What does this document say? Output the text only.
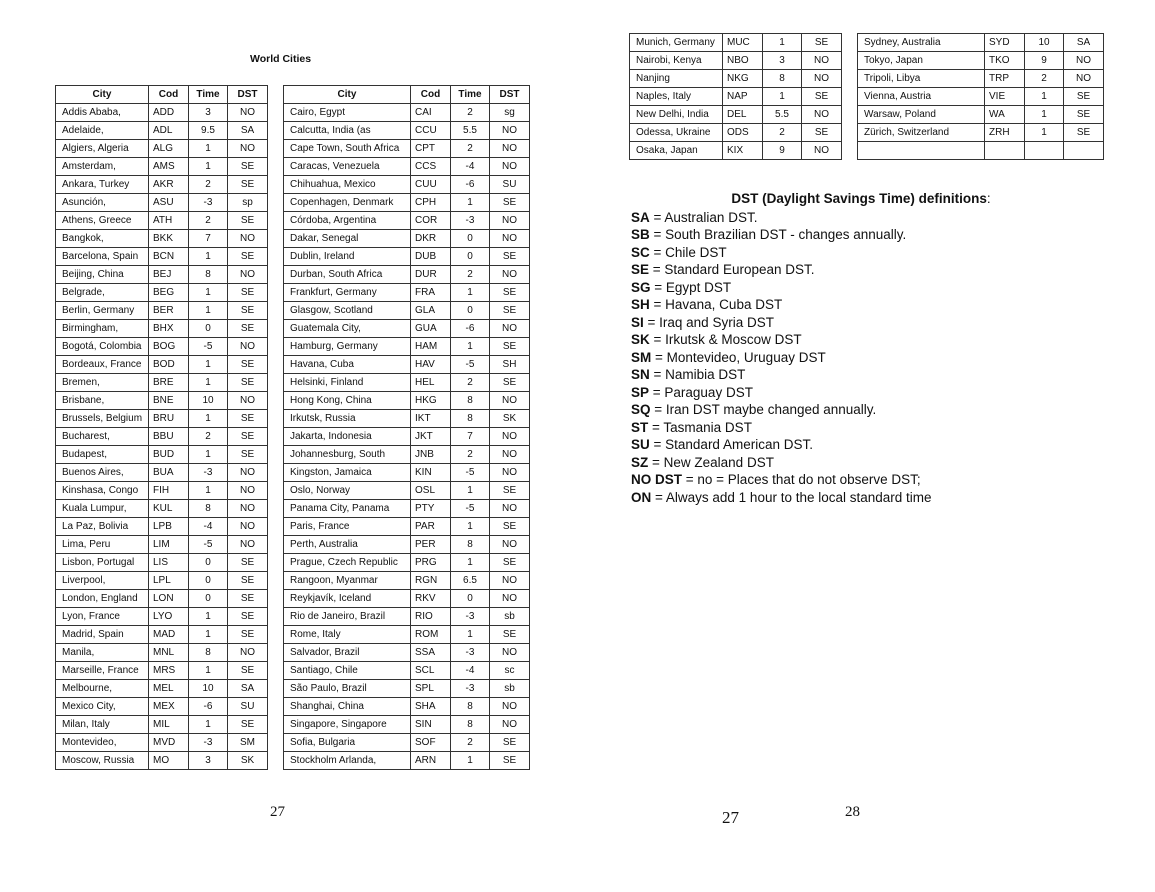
World Cities
City	Cod	Time	DST
Addis Ababa,	ADD	3	NO
Adelaide,	ADL	9.5	SA
Algiers, Algeria	ALG	1	NO
Amsterdam,	AMS	1	SE
Ankara, Turkey	AKR	2	SE
Asunción,	ASU	-3	sp
Athens, Greece	ATH	2	SE
Bangkok,	BKK	7	NO
Barcelona, Spain	BCN	1	SE
Beijing, China	BEJ	8	NO
Belgrade,	BEG	1	SE
Berlin, Germany	BER	1	SE
Birmingham,	BHX	0	SE
Bogotá, Colombia	BOG	-5	NO
Bordeaux, France	BOD	1	SE
Bremen,	BRE	1	SE
Brisbane,	BNE	10	NO
Brussels, Belgium	BRU	1	SE
Bucharest,	BBU	2	SE
Budapest,	BUD	1	SE
Buenos Aires,	BUA	-3	NO
Kinshasa, Congo	FIH	1	NO
Kuala Lumpur,	KUL	8	NO
La Paz, Bolivia	LPB	-4	NO
Lima, Peru	LIM	-5	NO
Lisbon, Portugal	LIS	0	SE
Liverpool,	LPL	0	SE
London, England	LON	0	SE
Lyon, France	LYO	1	SE
Madrid, Spain	MAD	1	SE
Manila,	MNL	8	NO
Marseille, France	MRS	1	SE
Melbourne,	MEL	10	SA
Mexico City,	MEX	-6	SU
Milan, Italy	MIL	1	SE
Montevideo,	MVD	-3	SM
Moscow, Russia	MO	3	SK
City	Cod	Time	DST
Cairo, Egypt	CAI	2	sg
Calcutta, India (as	CCU	5.5	NO
Cape Town, South Africa	CPT	2	NO
Caracas, Venezuela	CCS	-4	NO
Chihuahua, Mexico	CUU	-6	SU
Copenhagen, Denmark	CPH	1	SE
Córdoba, Argentina	COR	-3	NO
Dakar, Senegal	DKR	0	NO
Dublin, Ireland	DUB	0	SE
Durban, South Africa	DUR	2	NO
Frankfurt, Germany	FRA	1	SE
Glasgow, Scotland	GLA	0	SE
Guatemala City,	GUA	-6	NO
Hamburg, Germany	HAM	1	SE
Havana, Cuba	HAV	-5	SH
Helsinki, Finland	HEL	2	SE
Hong Kong, China	HKG	8	NO
Irkutsk, Russia	IKT	8	SK
Jakarta, Indonesia	JKT	7	NO
Johannesburg, South	JNB	2	NO
Kingston, Jamaica	KIN	-5	NO
Oslo, Norway	OSL	1	SE
Panama City, Panama	PTY	-5	NO
Paris, France	PAR	1	SE
Perth, Australia	PER	8	NO
Prague, Czech Republic	PRG	1	SE
Rangoon, Myanmar	RGN	6.5	NO
Reykjavík, Iceland	RKV	0	NO
Rio de Janeiro, Brazil	RIO	-3	sb
Rome, Italy	ROM	1	SE
Salvador, Brazil	SSA	-3	NO
Santiago, Chile	SCL	-4	sc
São Paulo, Brazil	SPL	-3	sb
Shanghai, China	SHA	8	NO
Singapore, Singapore	SIN	8	NO
Sofia, Bulgaria	SOF	2	SE
Stockholm Arlanda,	ARN	1	SE
Munich, Germany	MUC	1	SE
Nairobi, Kenya	NBO	3	NO
Nanjing	NKG	8	NO
Naples, Italy	NAP	1	SE
New Delhi, India	DEL	5.5	NO
Odessa, Ukraine	ODS	2	SE
Osaka, Japan	KIX	9	NO
Sydney, Australia	SYD	10	SA
Tokyo, Japan	TKO	9	NO
Tripoli, Libya	TRP	2	NO
Vienna, Austria	VIE	1	SE
Warsaw, Poland	WA	1	SE
Zürich, Switzerland	ZRH	1	SE

DST (Daylight Savings Time) definitions:
SA = Australian DST.
SB = South Brazilian DST - changes annually.
SC = Chile DST
SE = Standard European DST.
SG = Egypt DST
SH = Havana, Cuba DST
SI = Iraq and Syria DST
SK = Irkutsk & Moscow DST
SM = Montevideo, Uruguay DST
SN = Namibia DST
SP = Paraguay DST
SQ = Iran DST maybe changed annually.
ST = Tasmania DST
SU = Standard American DST.
SZ = New Zealand DST
NO DST = no = Places that do not observe DST;
ON = Always add 1 hour to the local standard time
27	27	28
